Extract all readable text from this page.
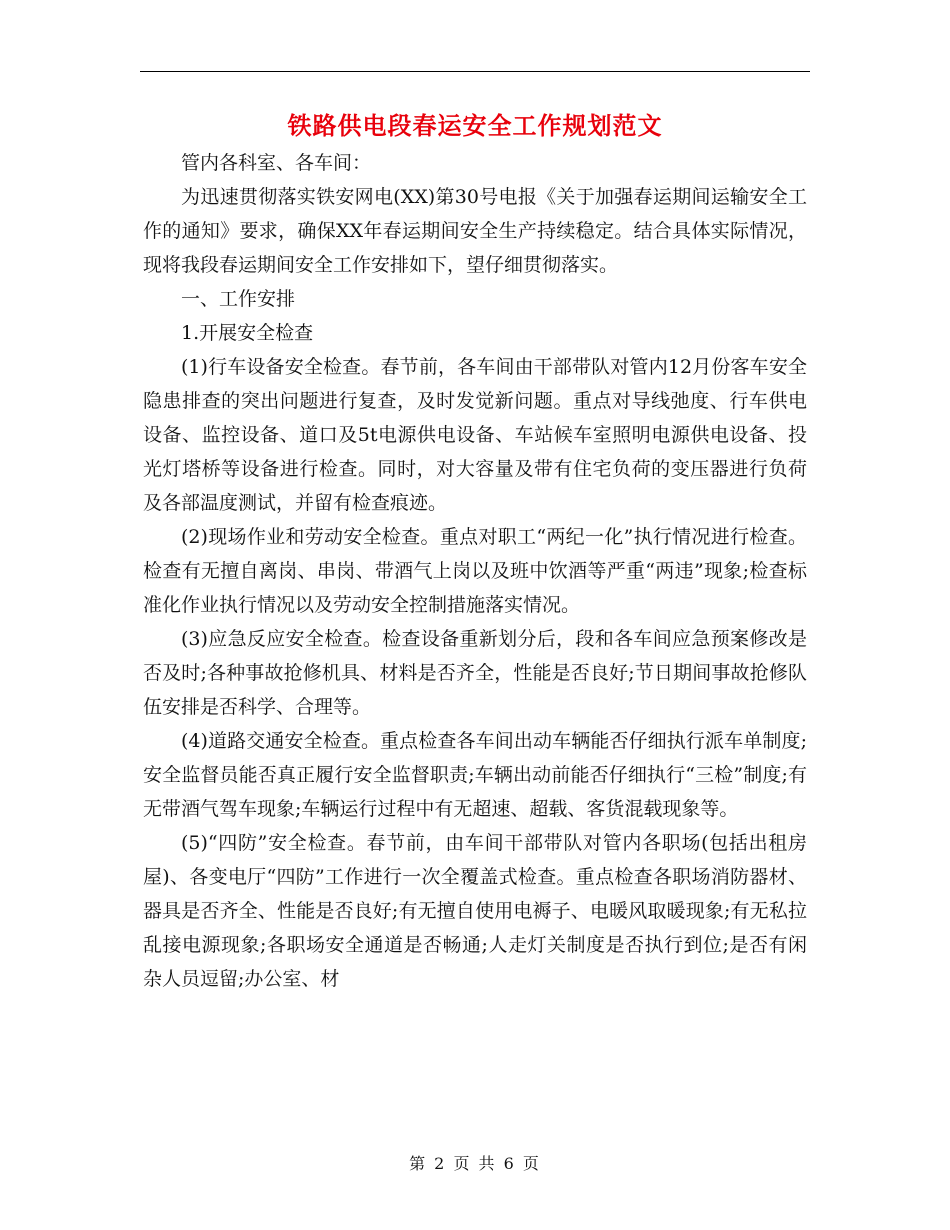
铁路供电段春运安全工作规划范文

管内各科室、各车间：

为迅速贯彻落实铁安网电(XX)第30号电报《关于加强春运期间运输安全工作的通知》要求，确保XX年春运期间安全生产持续稳定。结合具体实际情况，现将我段春运期间安全工作安排如下，望仔细贯彻落实。

一、工作安排

1.开展安全检查

(1)行车设备安全检查。春节前，各车间由干部带队对管内12月份客车安全隐患排查的突出问题进行复查，及时发觉新问题。重点对导线弛度、行车供电设备、监控设备、道口及5t电源供电设备、车站候车室照明电源供电设备、投光灯塔桥等设备进行检查。同时，对大容量及带有住宅负荷的变压器进行负荷及各部温度测试，并留有检查痕迹。

(2)现场作业和劳动安全检查。重点对职工“两纪一化”执行情况进行检查。检查有无擅自离岗、串岗、带酒气上岗以及班中饮酒等严重“两违”现象;检查标准化作业执行情况以及劳动安全控制措施落实情况。

(3)应急反应安全检查。检查设备重新划分后，段和各车间应急预案修改是否及时;各种事故抢修机具、材料是否齐全，性能是否良好;节日期间事故抢修队伍安排是否科学、合理等。

(4)道路交通安全检查。重点检查各车间出动车辆能否仔细执行派车单制度;安全监督员能否真正履行安全监督职责;车辆出动前能否仔细执行“三检”制度;有无带酒气驾车现象;车辆运行过程中有无超速、超载、客货混载现象等。

(5)“四防”安全检查。春节前，由车间干部带队对管内各职场(包括出租房屋)、各变电厅“四防”工作进行一次全覆盖式检查。重点检查各职场消防器材、器具是否齐全、性能是否良好;有无擅自使用电褥子、电暖风取暖现象;有无私拉乱接电源现象;各职场安全通道是否畅通;人走灯关制度是否执行到位;是否有闲杂人员逗留;办公室、材

第 2 页 共 6 页
